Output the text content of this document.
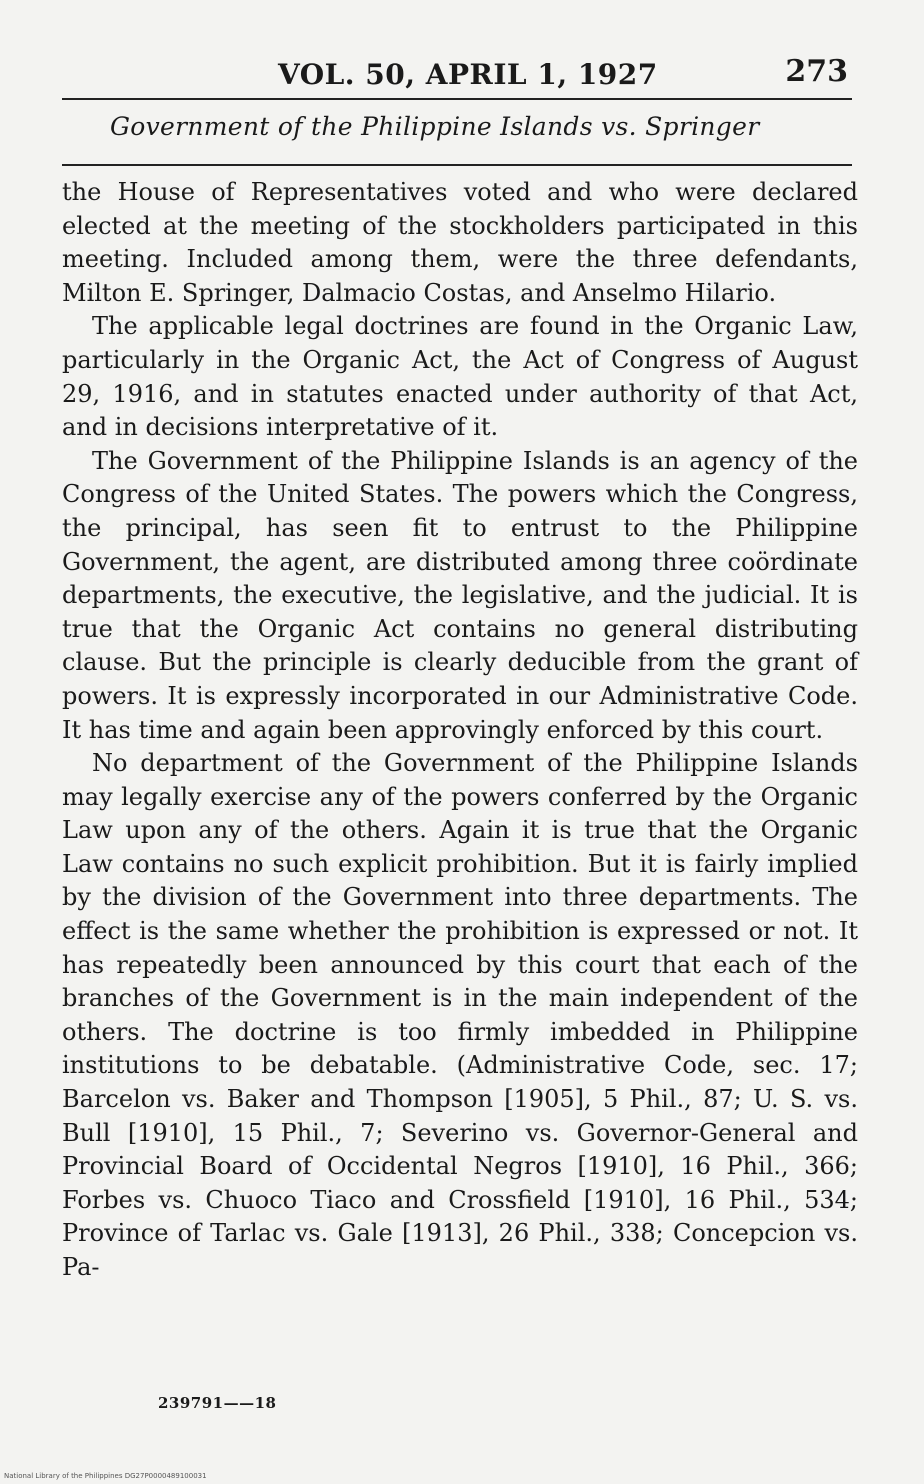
VOL. 50, APRIL 1, 1927	273
Government of the Philippine Islands vs. Springer

the House of Representatives voted and who were declared elected at the meeting of the stockholders participated in this meeting. Included among them, were the three defendants, Milton E. Springer, Dalmacio Costas, and Anselmo Hilario.

The applicable legal doctrines are found in the Organic Law, particularly in the Organic Act, the Act of Congress of August 29, 1916, and in statutes enacted under authority of that Act, and in decisions interpretative of it.

The Government of the Philippine Islands is an agency of the Congress of the United States. The powers which the Congress, the principal, has seen fit to entrust to the Philippine Government, the agent, are distributed among three coördinate departments, the executive, the legislative, and the judicial. It is true that the Organic Act contains no general distributing clause. But the principle is clearly deducible from the grant of powers. It is expressly incorporated in our Administrative Code. It has time and again been approvingly enforced by this court.

No department of the Government of the Philippine Islands may legally exercise any of the powers conferred by the Organic Law upon any of the others. Again it is true that the Organic Law contains no such explicit prohibition. But it is fairly implied by the division of the Government into three departments. The effect is the same whether the prohibition is expressed or not. It has repeatedly been announced by this court that each of the branches of the Government is in the main independent of the others. The doctrine is too firmly imbedded in Philippine institutions to be debatable. (Administrative Code, sec. 17; Barcelon vs. Baker and Thompson [1905], 5 Phil., 87; U. S. vs. Bull [1910], 15 Phil., 7; Severino vs. Governor-General and Provincial Board of Occidental Negros [1910], 16 Phil., 366; Forbes vs. Chuoco Tiaco and Crossfield [1910], 16 Phil., 534; Province of Tarlac vs. Gale [1913], 26 Phil., 338; Concepcion vs. Pa-

239791——18
National Library of the Philippines DG27P0000489100031
